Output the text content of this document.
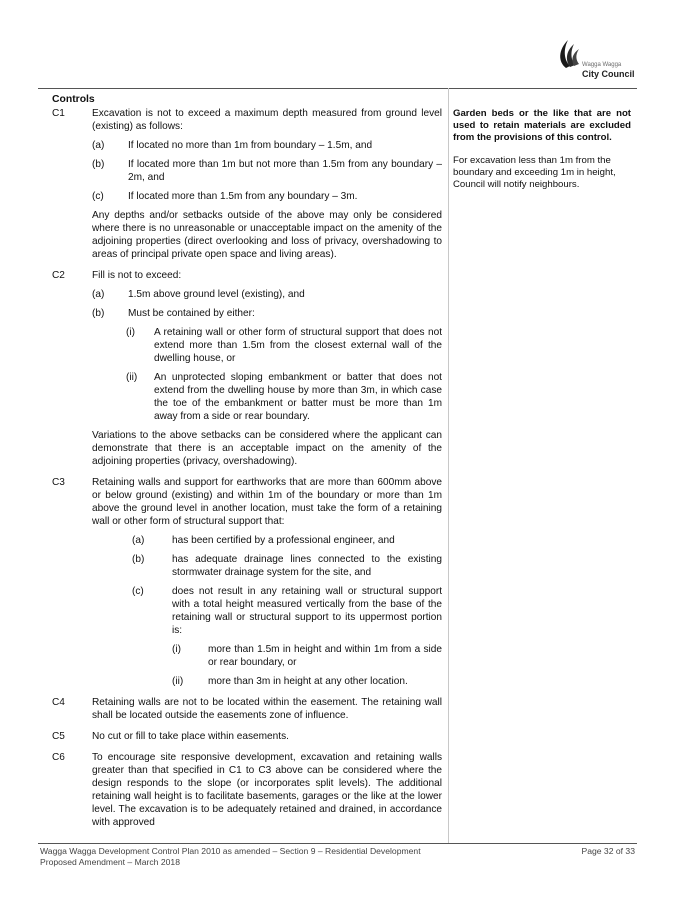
Wagga Wagga
City Council
Controls
C1	Excavation is not to exceed a maximum depth measured from ground level (existing) as follows:
(a)	If located no more than 1m from boundary – 1.5m, and
(b)	If located more than 1m but not more than 1.5m from any boundary – 2m, and
(c)	If located more than 1.5m from any boundary – 3m.
Any depths and/or setbacks outside of the above may only be considered where there is no unreasonable or unacceptable impact on the amenity of the adjoining properties (direct overlooking and loss of privacy, overshadowing to areas of principal private open space and living areas).
C2	Fill is not to exceed:
(a)	1.5m above ground level (existing), and
(b)	Must be contained by either:
(i)	A retaining wall or other form of structural support that does not extend more than 1.5m from the closest external wall of the dwelling house, or
(ii)	An unprotected sloping embankment or batter that does not extend from the dwelling house by more than 3m, in which case the toe of the embankment or batter must be more than 1m away from a side or rear boundary.
Variations to the above setbacks can be considered where the applicant can demonstrate that there is an acceptable impact on the amenity of the adjoining properties (privacy, overshadowing).
C3	Retaining walls and support for earthworks that are more than 600mm above or below ground (existing) and within 1m of the boundary or more than 1m above the ground level in another location, must take the form of a retaining wall or other form of structural support that:
(a)	has been certified by a professional engineer, and
(b)	has adequate drainage lines connected to the existing stormwater drainage system for the site, and
(c)	does not result in any retaining wall or structural support with a total height measured vertically from the base of the retaining wall or structural support to its uppermost portion is:
(i)	more than 1.5m in height and within 1m from a side or rear boundary, or
(ii)	more than 3m in height at any other location.
C4	Retaining walls are not to be located within the easement. The retaining wall shall be located outside the easements zone of influence.
C5	No cut or fill to take place within easements.
C6	To encourage site responsive development, excavation and retaining walls greater than that specified in C1 to C3 above can be considered where the design responds to the slope (or incorporates split levels). The additional retaining wall height is to facilitate basements, garages or the like at the lower level. The excavation is to be adequately retained and drained, in accordance with approved
Garden beds or the like that are not used to retain materials are excluded from the provisions of this control.
For excavation less than 1m from the boundary and exceeding 1m in height, Council will notify neighbours.
Wagga Wagga Development Control Plan 2010 as amended – Section 9 – Residential Development
Proposed Amendment – March 2018
Page 32 of 33
